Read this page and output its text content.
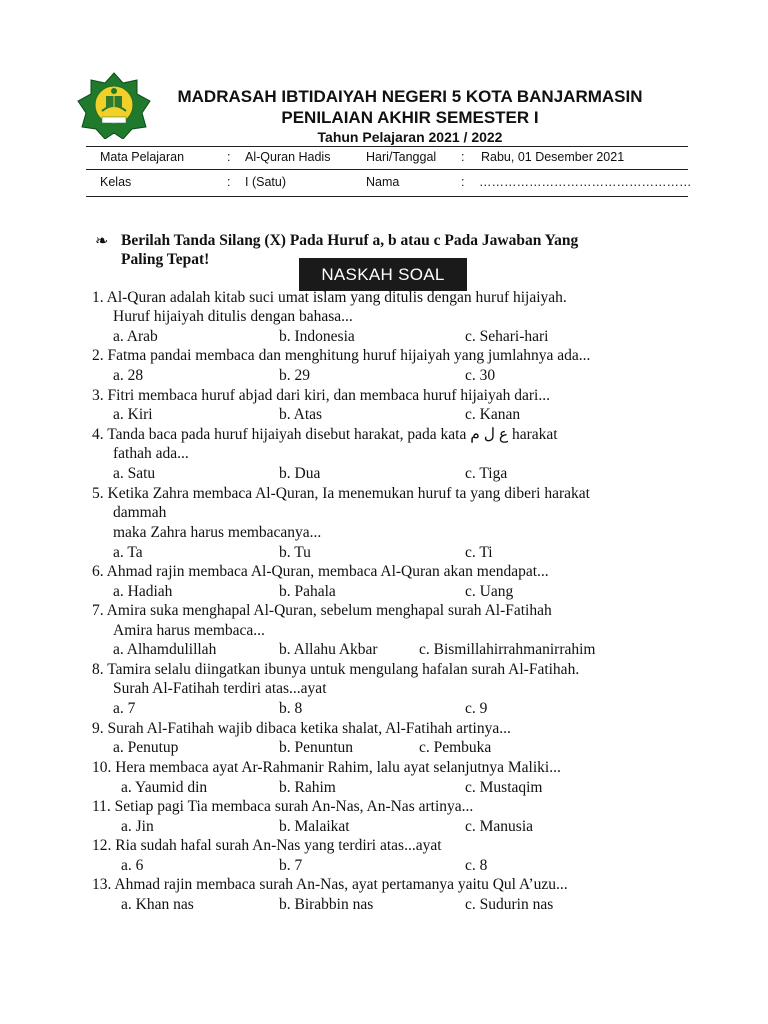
MADRASAH IBTIDAIYAH NEGERI 5 KOTA BANJARMASIN
PENILAIAN AKHIR SEMESTER I
Tahun Pelajaran 2021 / 2022
Mata Pelajaran	: Al-Quran Hadis	Hari/Tanggal : Rabu, 01 Desember 2021
Kelas	: I (Satu)	Nama	: ……………………………………………
❧ Berilah Tanda Silang (X) Pada Huruf a, b atau c Pada Jawaban Yang
Paling Tepat!
NASKAH SOAL
1. Al-Quran adalah kitab suci umat islam yang ditulis dengan huruf hijaiyah.
Huruf hijaiyah ditulis dengan bahasa...
a. Arab	b. Indonesia	c. Sehari-hari
2. Fatma pandai membaca dan menghitung huruf hijaiyah yang jumlahnya ada...
a. 28	b. 29	c. 30
3. Fitri membaca huruf abjad dari kiri, dan membaca huruf hijaiyah dari...
a. Kiri	b. Atas	c. Kanan
4. Tanda baca pada huruf hijaiyah disebut harakat, pada kata ع ل م harakat
fathah ada...
a. Satu	b. Dua	c. Tiga
5. Ketika Zahra membaca Al-Quran, Ia menemukan huruf ta yang diberi harakat
dammah
maka Zahra harus membacanya...
a. Ta	b. Tu	c. Ti
6. Ahmad rajin membaca Al-Quran, membaca Al-Quran akan mendapat...
a. Hadiah	b. Pahala	c. Uang
7. Amira suka menghapal Al-Quran, sebelum menghapal surah Al-Fatihah
Amira harus membaca...
a. Alhamdulillah	b. Allahu Akbar	c. Bismillahirrahmanirrahim
8. Tamira selalu diingatkan ibunya untuk mengulang hafalan surah Al-Fatihah.
Surah Al-Fatihah terdiri atas...ayat
a. 7	b. 8	c. 9
9. Surah Al-Fatihah wajib dibaca ketika shalat, Al-Fatihah artinya...
a. Penutup	b. Penuntun	c. Pembuka
10. Hera membaca ayat Ar-Rahmanir Rahim, lalu ayat selanjutnya Maliki...
a. Yaumid din	b. Rahim	c. Mustaqim
11. Setiap pagi Tia membaca surah An-Nas, An-Nas artinya...
a. Jin	b. Malaikat	c. Manusia
12. Ria sudah hafal surah An-Nas yang terdiri atas...ayat
a. 6	b. 7	c. 8
13. Ahmad rajin membaca surah An-Nas, ayat pertamanya yaitu Qul A’uzu...
a. Khan nas	b. Birabbin nas	c. Sudurin nas
